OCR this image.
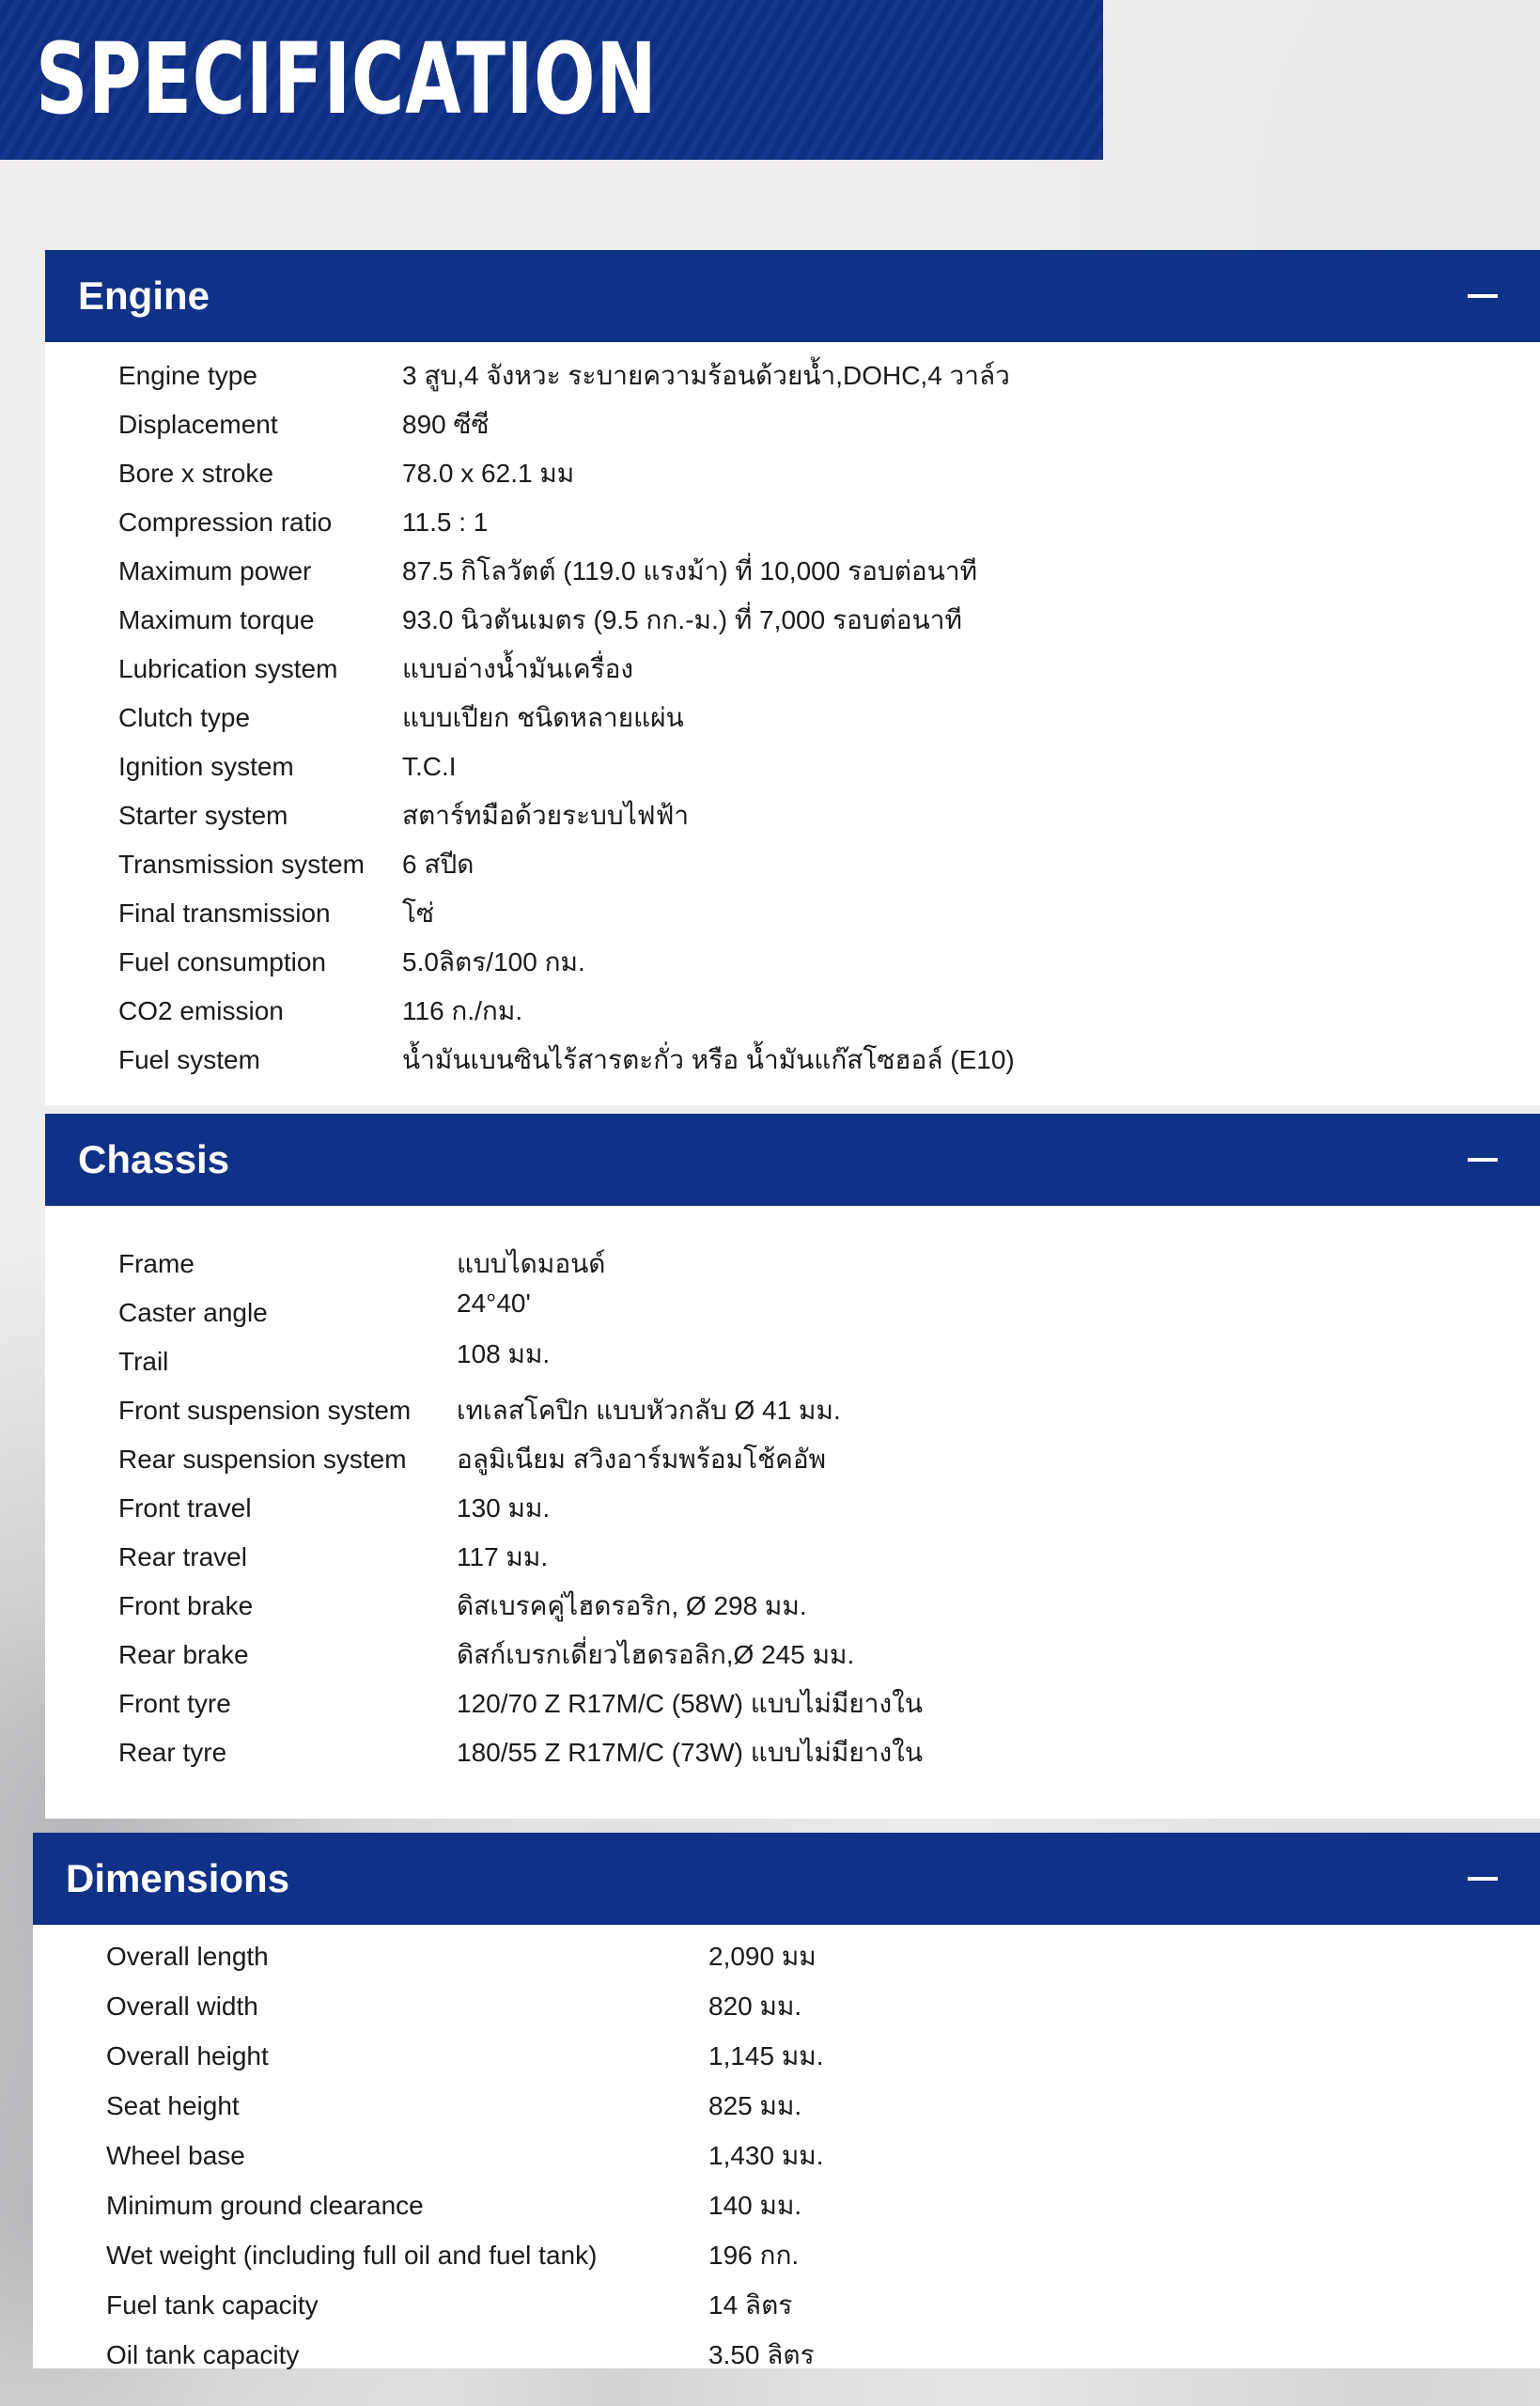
SPECIFICATION
Engine
Engine type	3 สูบ,4 จังหวะ ระบายความร้อนด้วยน้ำ,DOHC,4 วาล์ว
Displacement	890 ซีซี
Bore x stroke	78.0 x 62.1 มม
Compression ratio	11.5 : 1
Maximum power	87.5 กิโลวัตต์ (119.0 แรงม้า) ที่ 10,000 รอบต่อนาที
Maximum torque	93.0 นิวตันเมตร (9.5 กก.-ม.) ที่ 7,000 รอบต่อนาที
Lubrication system แบบอ่างน้ำมันเครื่อง
Clutch type	แบบเปียก ชนิดหลายแผ่น
Ignition system	T.C.I
Starter system	สตาร์ทมือด้วยระบบไฟฟ้า
Transmission system 6 สปีด
Final transmission	โซ่
Fuel consumption	5.0ลิตร/100 กม.
CO2 emission	116 ก./กม.
Fuel system	น้ำมันเบนซินไร้สารตะกั่ว หรือ น้ำมันแก๊สโซฮอล์ (E10)
Chassis
Frame	แบบไดมอนด์
Caster angle	24°40'
Trail	108 มม.
Front suspension system เทเลสโคปิก แบบหัวกลับ Ø 41 มม.
Rear suspension system อลูมิเนียม สวิงอาร์มพร้อมโช้คอัพ
Front travel	130 มม.
Rear travel	117 มม.
Front brake	ดิสเบรคคู่ไฮดรอริก, Ø 298 มม.
Rear brake	ดิสก์เบรกเดี่ยวไฮดรอลิก,Ø 245 มม.
Front tyre	120/70 Z R17M/C (58W) แบบไม่มียางใน
Rear tyre	180/55 Z R17M/C (73W) แบบไม่มียางใน
Dimensions
Overall length	2,090 มม
Overall width	820 มม.
Overall height	1,145 มม.
Seat height	825 มม.
Wheel base	1,430 มม.
Minimum ground clearance	140 มม.
Wet weight (including full oil and fuel tank)	196 กก.
Fuel tank capacity	14 ลิตร
Oil tank capacity	3.50 ลิตร
